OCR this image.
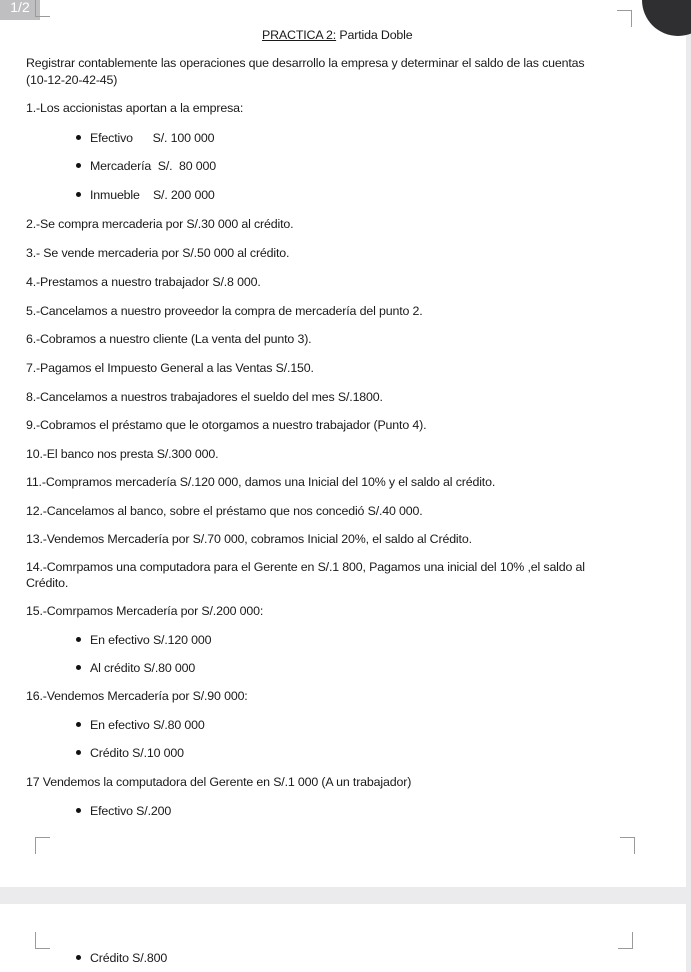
1/2
PRACTICA 2: Partida Doble
Registrar contablemente las operaciones que desarrollo la empresa y determinar el saldo de las cuentas
(10-12-20-42-45)
1.-Los accionistas aportan a la empresa:
Efectivo      S/. 100 000
Mercadería  S/.  80 000
Inmueble    S/. 200 000
2.-Se compra mercaderia por S/.30 000 al crédito.
3.- Se vende mercaderia por S/.50 000 al crédito.
4.-Prestamos a nuestro trabajador S/.8 000.
5.-Cancelamos a nuestro proveedor la compra de mercadería del punto 2.
6.-Cobramos a nuestro cliente (La venta del punto 3).
7.-Pagamos el Impuesto General a las Ventas S/.150.
8.-Cancelamos a nuestros trabajadores el sueldo del mes S/.1800.
9.-Cobramos el préstamo que le otorgamos a nuestro trabajador (Punto 4).
10.-El banco nos presta S/.300 000.
11.-Compramos mercadería S/.120 000, damos una Inicial del 10% y el saldo al crédito.
12.-Cancelamos al banco, sobre el préstamo que nos concedió S/.40 000.
13.-Vendemos Mercadería por S/.70 000, cobramos Inicial 20%, el saldo al Crédito.
14.-Comrpamos una computadora para el Gerente en S/.1 800, Pagamos una inicial del 10% ,el saldo al
Crédito.
15.-Comrpamos Mercadería por S/.200 000:
En efectivo S/.120 000
Al crédito S/.80 000
16.-Vendemos Mercadería por S/.90 000:
En efectivo S/.80 000
Crédito S/.10 000
17 Vendemos la computadora del Gerente en S/.1 000 (A un trabajador)
Efectivo S/.200
Crédito S/.800
